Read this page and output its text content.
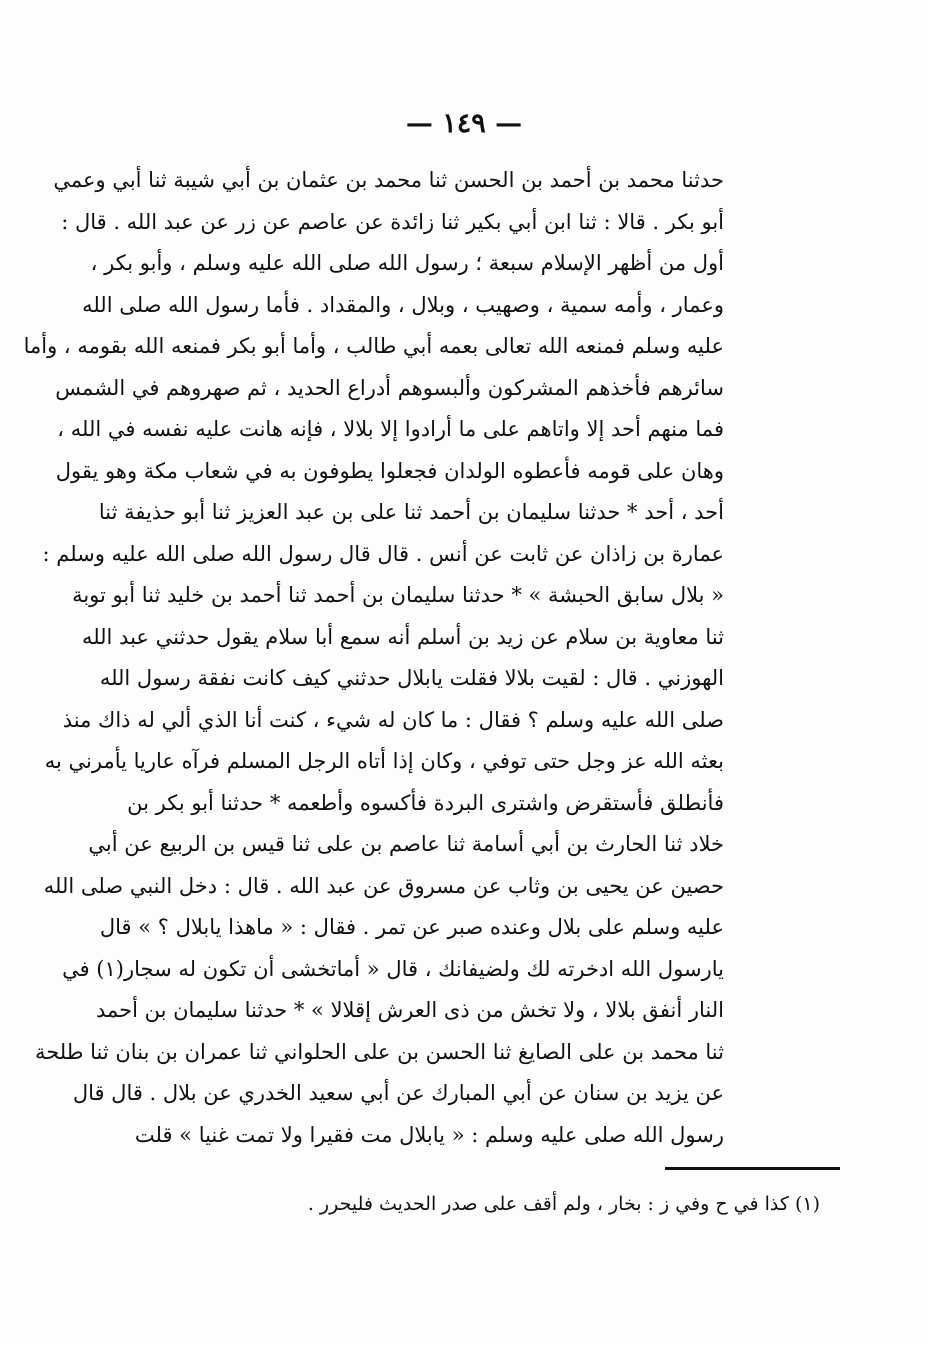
— ١٤٩ —
حدثنا محمد بن أحمد بن الحسن ثنا محمد بن عثمان بن أبي شيبة ثنا أبي وعمي
أبو بكر . قالا : ثنا ابن أبي بكير ثنا زائدة عن عاصم عن زر عن عبد الله . قال :
أول من أظهر الإسلام سبعة ؛ رسول الله صلى الله عليه وسلم ، وأبو بكر ،
وعمار ، وأمه سمية ، وصهيب ، وبلال ، والمقداد . فأما رسول الله صلى الله
عليه وسلم فمنعه الله تعالى بعمه أبي طالب ، وأما أبو بكر فمنعه الله بقومه ، وأما
سائرهم فأخذهم المشركون وألبسوهم أدراع الحديد ، ثم صهروهم في الشمس
فما منهم أحد إلا واتاهم على ما أرادوا إلا بلالا ، فإنه هانت عليه نفسه في الله ،
وهان على قومه فأعطوه الولدان فجعلوا يطوفون به في شعاب مكة وهو يقول
أحد ، أحد * حدثنا سليمان بن أحمد ثنا على بن عبد العزيز ثنا أبو حذيفة ثنا
عمارة بن زاذان عن ثابت عن أنس . قال قال رسول الله صلى الله عليه وسلم :
« بلال سابق الحبشة » * حدثنا سليمان بن أحمد ثنا أحمد بن خليد ثنا أبو توبة
ثنا معاوية بن سلام عن زيد بن أسلم أنه سمع أبا سلام يقول حدثني عبد الله
الهوزني . قال : لقيت بلالا فقلت يابلال حدثني كيف كانت نفقة رسول الله
صلى الله عليه وسلم ؟ فقال : ما كان له شيء ، كنت أنا الذي ألي له ذاك منذ
بعثه الله عز وجل حتى توفي ، وكان إذا أتاه الرجل المسلم فرآه عاريا يأمرني به
فأنطلق فأستقرض واشترى البردة فأكسوه وأطعمه * حدثنا أبو بكر بن
خلاد ثنا الحارث بن أبي أسامة ثنا عاصم بن على ثنا قيس بن الربيع عن أبي
حصين عن يحيى بن وثاب عن مسروق عن عبد الله . قال : دخل النبي صلى الله
عليه وسلم على بلال وعنده صبر عن تمر . فقال : « ماهذا يابلال ؟ » قال
يارسول الله ادخرته لك ولضيفانك ، قال « أماتخشى أن تكون له سجار(١) في
النار أنفق بلالا ، ولا تخش من ذى العرش إقلالا » * حدثنا سليمان بن أحمد
ثنا محمد بن على الصايغ ثنا الحسن بن على الحلواني ثنا عمران بن بنان ثنا طلحة
عن يزيد بن سنان عن أبي المبارك عن أبي سعيد الخدري عن بلال . قال قال
رسول الله صلى عليه وسلم : « يابلال مت فقيرا ولا تمت غنيا » قلت
(١) كذا في ح وفي ز : بخار ، ولم أقف على صدر الحديث فليحرر .
